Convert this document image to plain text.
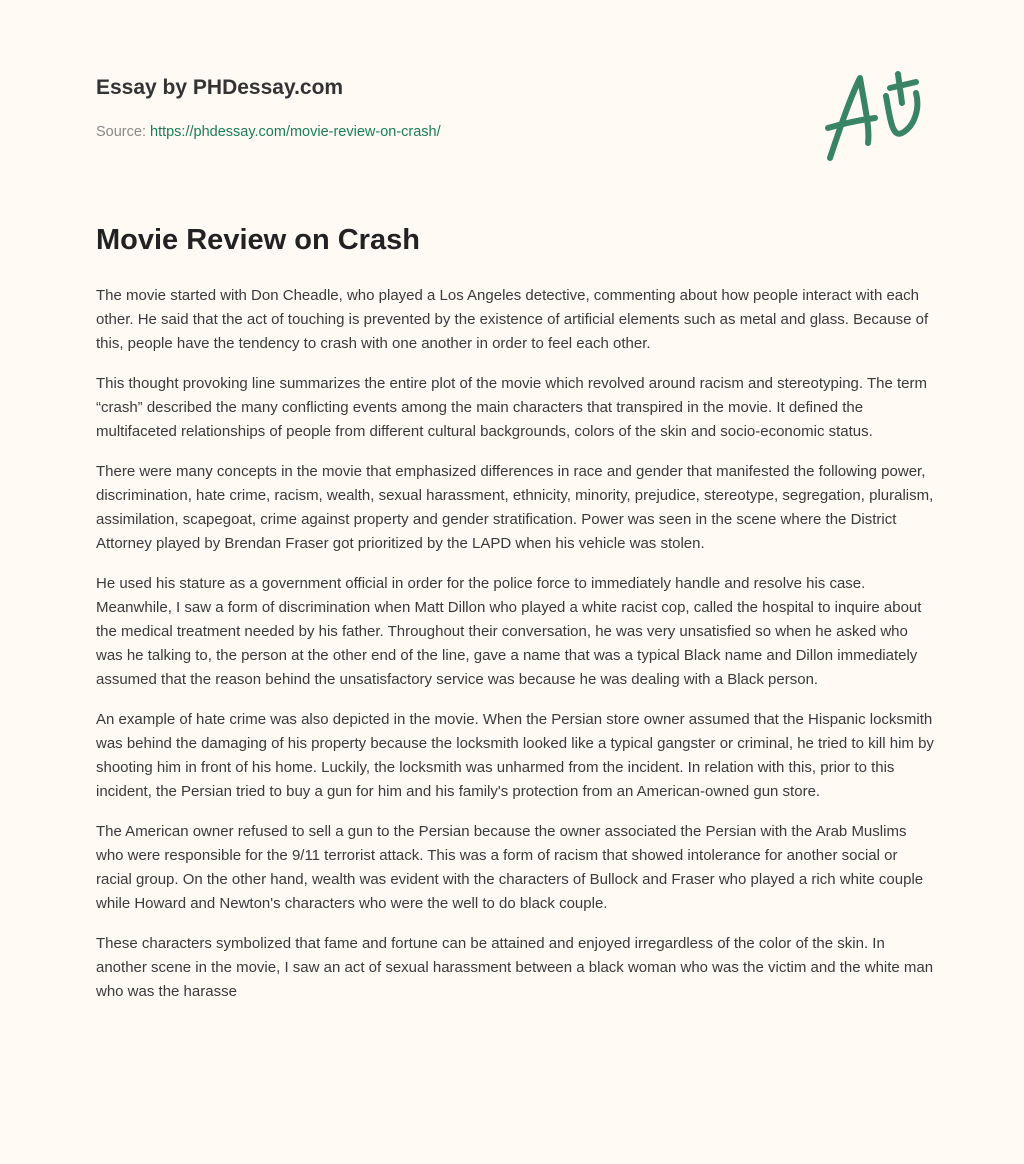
Essay by PHDessay.com
Source: https://phdessay.com/movie-review-on-crash/
Movie Review on Crash

The movie started with Don Cheadle, who played a Los Angeles detective, commenting about how people interact with each other. He said that the act of touching is prevented by the existence of artificial elements such as metal and glass. Because of this, people have the tendency to crash with one another in order to feel each other.

This thought provoking line summarizes the entire plot of the movie which revolved around racism and stereotyping. The term “crash” described the many conflicting events among the main characters that transpired in the movie. It defined the multifaceted relationships of people from different cultural backgrounds, colors of the skin and socio-economic status.

There were many concepts in the movie that emphasized differences in race and gender that manifested the following power, discrimination, hate crime, racism, wealth, sexual harassment, ethnicity, minority, prejudice, stereotype, segregation, pluralism, assimilation, scapegoat, crime against property and gender stratification. Power was seen in the scene where the District Attorney played by Brendan Fraser got prioritized by the LAPD when his vehicle was stolen.

He used his stature as a government official in order for the police force to immediately handle and resolve his case. Meanwhile, I saw a form of discrimination when Matt Dillon who played a white racist cop, called the hospital to inquire about the medical treatment needed by his father. Throughout their conversation, he was very unsatisfied so when he asked who was he talking to, the person at the other end of the line, gave a name that was a typical Black name and Dillon immediately assumed that the reason behind the unsatisfactory service was because he was dealing with a Black person.

An example of hate crime was also depicted in the movie. When the Persian store owner assumed that the Hispanic locksmith was behind the damaging of his property because the locksmith looked like a typical gangster or criminal, he tried to kill him by shooting him in front of his home. Luckily, the locksmith was unharmed from the incident. In relation with this, prior to this incident, the Persian tried to buy a gun for him and his family's protection from an American-owned gun store.

The American owner refused to sell a gun to the Persian because the owner associated the Persian with the Arab Muslims who were responsible for the 9/11 terrorist attack. This was a form of racism that showed intolerance for another social or racial group. On the other hand, wealth was evident with the characters of Bullock and Fraser who played a rich white couple while Howard and Newton's characters who were the well to do black couple.

These characters symbolized that fame and fortune can be attained and enjoyed irregardless of the color of the skin. In another scene in the movie, I saw an act of sexual harassment between a black woman who was the victim and the white man who was the harasse
